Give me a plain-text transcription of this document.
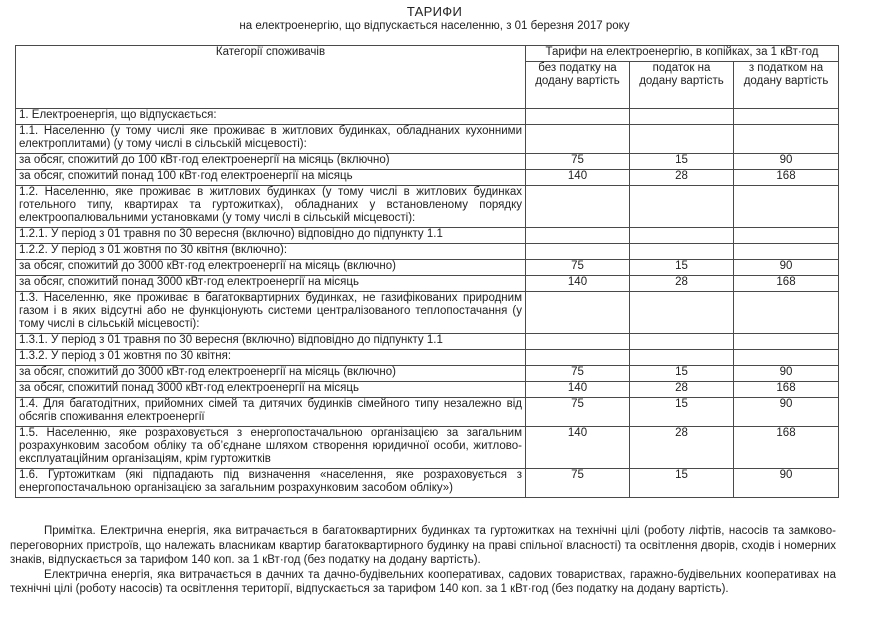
ТАРИФИ
на електроенергію, що відпускається населенню, з 01 березня 2017 року
Категорії споживачів	Тарифи на електроенергію, в копійках, за 1 кВт·год		
	без податку на додану вартість	податок на додану вартість	з податком на додану вартість
1. Електроенергія, що відпускається:			
1.1. Населенню (у тому числі яке проживає в житлових будинках, обладнаних кухонними електроплитами) (у тому числі в сільській місцевості):			
за обсяг, спожитий до 100 кВт·год електроенергії на місяць (включно)	75	15	90
за обсяг, спожитий понад 100 кВт·год електроенергії на місяць	140	28	168
1.2. Населенню, яке проживає в житлових будинках (у тому числі в житлових будинках готельного типу, квартирах та гуртожитках), обладнаних у встановленому порядку електроопалювальними установками (у тому числі в сільській місцевості):			
1.2.1. У період з 01 травня по 30 вересня (включно) відповідно до підпункту 1.1			
1.2.2. У період з 01 жовтня по 30 квітня (включно):			
за обсяг, спожитий до 3000 кВт·год електроенергії на місяць (включно)	75	15	90
за обсяг, спожитий понад 3000 кВт·год електроенергії на місяць	140	28	168
1.3. Населенню, яке проживає в багатоквартирних будинках, не газифікованих природним газом і в яких відсутні або не функціонують системи централізованого теплопостачання (у тому числі в сільській місцевості):			
1.3.1. У період з 01 травня по 30 вересня (включно) відповідно до підпункту 1.1			
1.3.2. У період з 01 жовтня по 30 квітня:			
за обсяг, спожитий до 3000 кВт·год електроенергії на місяць (включно)	75	15	90
за обсяг, спожитий понад 3000 кВт·год електроенергії на місяць	140	28	168
1.4. Для багатодітних, прийомних сімей та дитячих будинків сімейного типу незалежно від обсягів споживання електроенергії	75	15	90
1.5. Населенню, яке розраховується з енергопостачальною організацією за загальним розрахунковим засобом обліку та об’єднане шляхом створення юридичної особи, житлово-експлуатаційним організаціям, крім гуртожитків	140	28	168
1.6. Гуртожиткам (які підпадають під визначення «населення, яке розраховується з енергопостачальною організацією за загальним розрахунковим засобом обліку»)	75	15	90

Примітка. Електрична енергія, яка витрачається в багатоквартирних будинках та гуртожитках на технічні цілі (роботу ліфтів, насосів та замково-переговорних пристроїв, що належать власникам квартир багатоквартирного будинку на праві спільної власності) та освітлення дворів, сходів і номерних знаків, відпускається за тарифом 140 коп. за 1 кВт·год (без податку на додану вартість).

Електрична енергія, яка витрачається в дачних та дачно-будівельних кооперативах, садових товариствах, гаражно-будівельних кооперативах на технічні цілі (роботу насосів) та освітлення території, відпускається за тарифом 140 коп. за 1 кВт·год (без податку на додану вартість).
